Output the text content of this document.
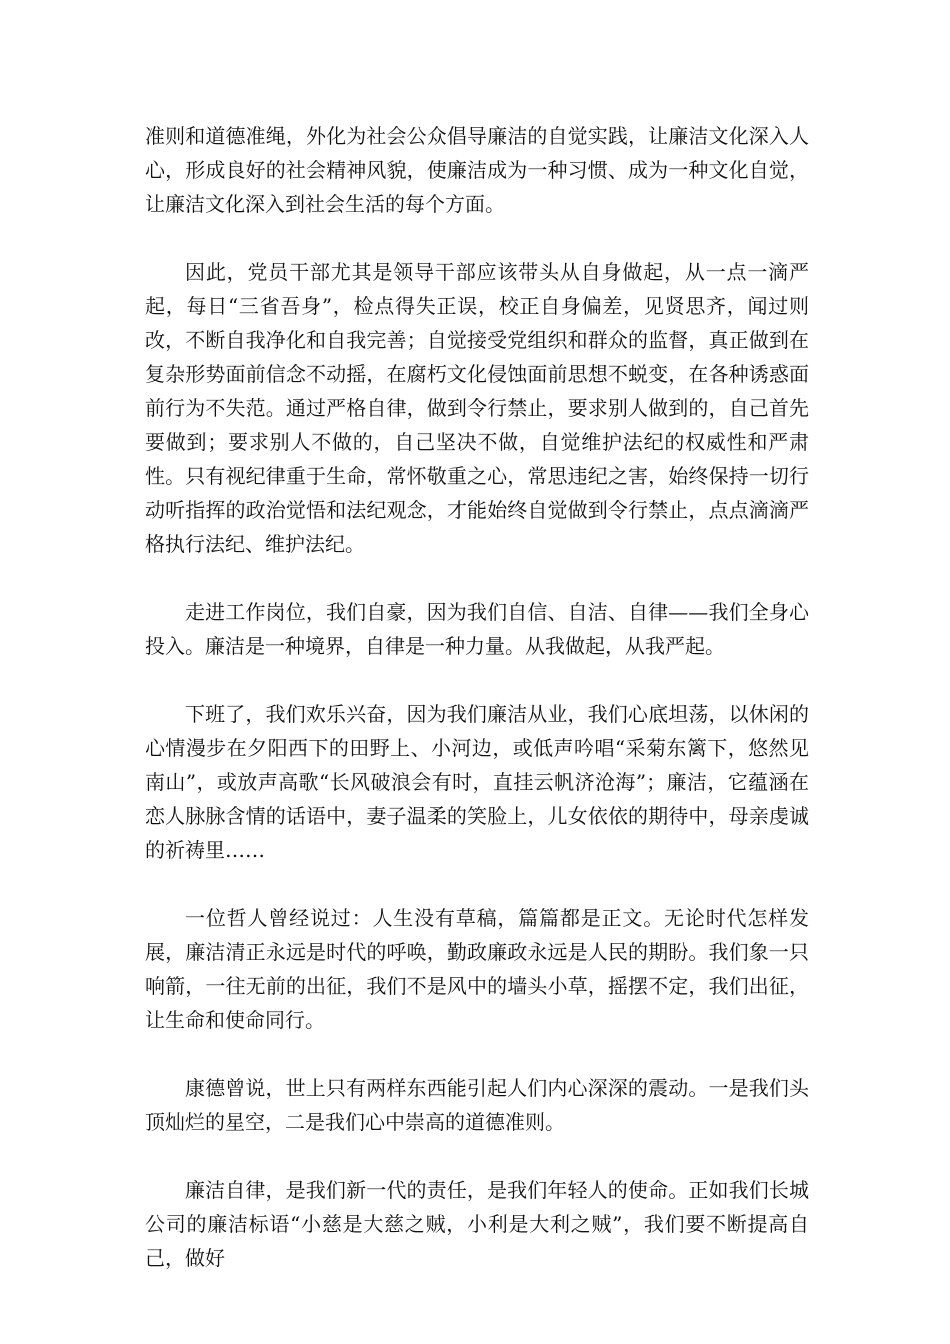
准则和道德准绳，外化为社会公众倡导廉洁的自觉实践，让廉洁文化深入人心，形成良好的社会精神风貌，使廉洁成为一种习惯、成为一种文化自觉，让廉洁文化深入到社会生活的每个方面。

因此，党员干部尤其是领导干部应该带头从自身做起，从一点一滴严起，每日“三省吾身”，检点得失正误，校正自身偏差，见贤思齐，闻过则改，不断自我净化和自我完善；自觉接受党组织和群众的监督，真正做到在复杂形势面前信念不动摇，在腐朽文化侵蚀面前思想不蜕变，在各种诱惑面前行为不失范。通过严格自律，做到令行禁止，要求别人做到的，自己首先要做到；要求别人不做的，自己坚决不做，自觉维护法纪的权威性和严肃性。只有视纪律重于生命，常怀敬重之心，常思违纪之害，始终保持一切行动听指挥的政治觉悟和法纪观念，才能始终自觉做到令行禁止，点点滴滴严格执行法纪、维护法纪。

走进工作岗位，我们自豪，因为我们自信、自洁、自律——我们全身心投入。廉洁是一种境界，自律是一种力量。从我做起，从我严起。

下班了，我们欢乐兴奋，因为我们廉洁从业，我们心底坦荡，以休闲的心情漫步在夕阳西下的田野上、小河边，或低声吟唱“采菊东篱下，悠然见南山”，或放声高歌“长风破浪会有时，直挂云帆济沧海”；廉洁，它蕴涵在恋人脉脉含情的话语中，妻子温柔的笑脸上，儿女依依的期待中，母亲虔诚的祈祷里……

一位哲人曾经说过：人生没有草稿，篇篇都是正文。无论时代怎样发展，廉洁清正永远是时代的呼唤，勤政廉政永远是人民的期盼。我们象一只响箭，一往无前的出征，我们不是风中的墙头小草，摇摆不定，我们出征，让生命和使命同行。

康德曾说，世上只有两样东西能引起人们内心深深的震动。一是我们头顶灿烂的星空，二是我们心中崇高的道德准则。

廉洁自律，是我们新一代的责任，是我们年轻人的使命。正如我们长城公司的廉洁标语“小慈是大慈之贼，小利是大利之贼”，我们要不断提高自己，做好
